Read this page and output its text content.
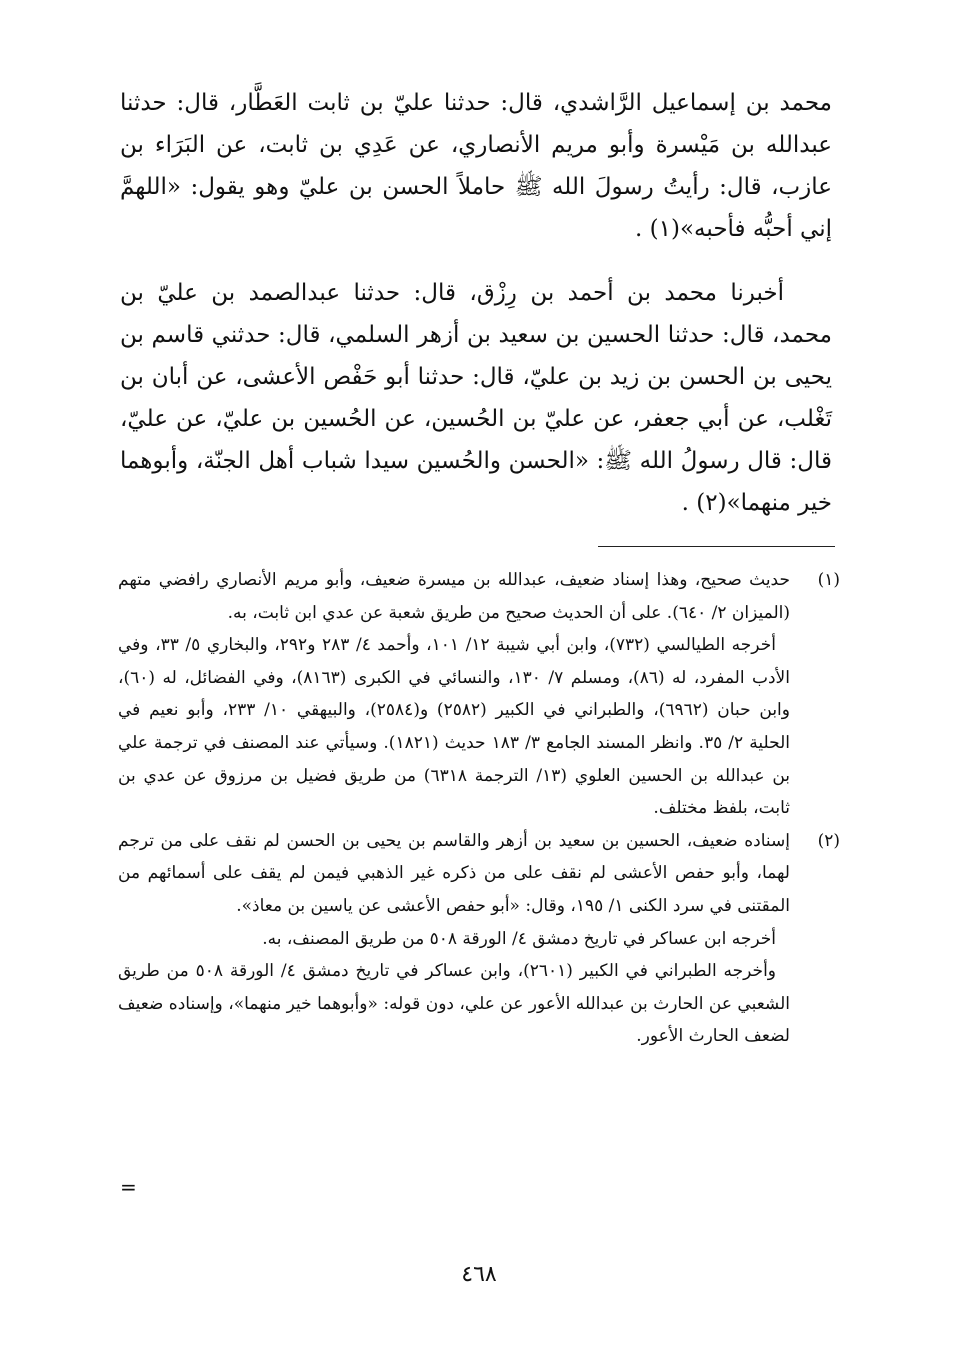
محمد بن إسماعيل الرَّاشدي، قال: حدثنا عليّ بن ثابت العَطَّار، قال: حدثنا عبدالله بن مَيْسرة وأبو مريم الأنصاري، عن عَدِي بن ثابت، عن البَرَاء بن عازب، قال: رأيتُ رسولَ الله ﷺ حاملاً الحسن بن عليّ وهو يقول: «اللهمَّ إني أحبُّه فأحبه»(١) .

أخبرنا محمد بن أحمد بن رِزْق، قال: حدثنا عبدالصمد بن عليّ بن محمد، قال: حدثنا الحسين بن سعيد بن أزهر السلمي، قال: حدثني قاسم بن يحيى بن الحسن بن زيد بن عليّ، قال: حدثنا أبو حَفْص الأعشى، عن أبان بن تَغْلب، عن أبي جعفر، عن عليّ بن الحُسين، عن الحُسين بن عليّ، عن عليّ، قال: قال رسولُ الله ﷺ: «الحسن والحُسين سيدا شباب أهل الجنّة، وأبوهما خير منهما»(٢) .

(١)

حديث صحيح، وهذا إسناد ضعيف، عبدالله بن ميسرة ضعيف، وأبو مريم الأنصاري رافضي متهم (الميزان ٢/ ٦٤٠). على أن الحديث صحيح من طريق شعبة عن عدي ابن ثابت، به.

أخرجه الطيالسي (٧٣٢)، وابن أبي شيبة ١٢/ ١٠١، وأحمد ٤/ ٢٨٣ و٢٩٢، والبخاري ٥/ ٣٣، وفي الأدب المفرد، له (٨٦)، ومسلم ٧/ ١٣٠، والنسائي في الكبرى (٨١٦٣)، وفي الفضائل، له (٦٠)، وابن حبان (٦٩٦٢)، والطبراني في الكبير (٢٥٨٢) و(٢٥٨٤)، والبيهقي ١٠/ ٢٣٣، وأبو نعيم في الحلية ٢/ ٣٥. وانظر المسند الجامع ٣/ ١٨٣ حديث (١٨٢١). وسيأتي عند المصنف في ترجمة علي بن عبدالله بن الحسين العلوي (١٣/ الترجمة ٦٣١٨) من طريق فضيل بن مرزوق عن عدي بن ثابت، بلفظ مختلف.

(٢)

إسناده ضعيف، الحسين بن سعيد بن أزهر والقاسم بن يحيى بن الحسن لم نقف على من ترجم لهما، وأبو حفص الأعشى لم نقف على من ذكره غير الذهبي فيمن لم يقف على أسمائهم من المقتنى في سرد الكنى ١/ ١٩٥، وقال: «أبو حفص الأعشى عن ياسين بن معاذ».

أخرجه ابن عساكر في تاريخ دمشق ٤/ الورقة ٥٠٨ من طريق المصنف، به.

وأخرجه الطبراني في الكبير (٢٦٠١)، وابن عساكر في تاريخ دمشق ٤/ الورقة ٥٠٨ من طريق الشعبي عن الحارث بن عبدالله الأعور عن علي، دون قوله: «وأبوهما خير منهما»، وإسناده ضعيف لضعف الحارث الأعور.

=
٤٦٨
